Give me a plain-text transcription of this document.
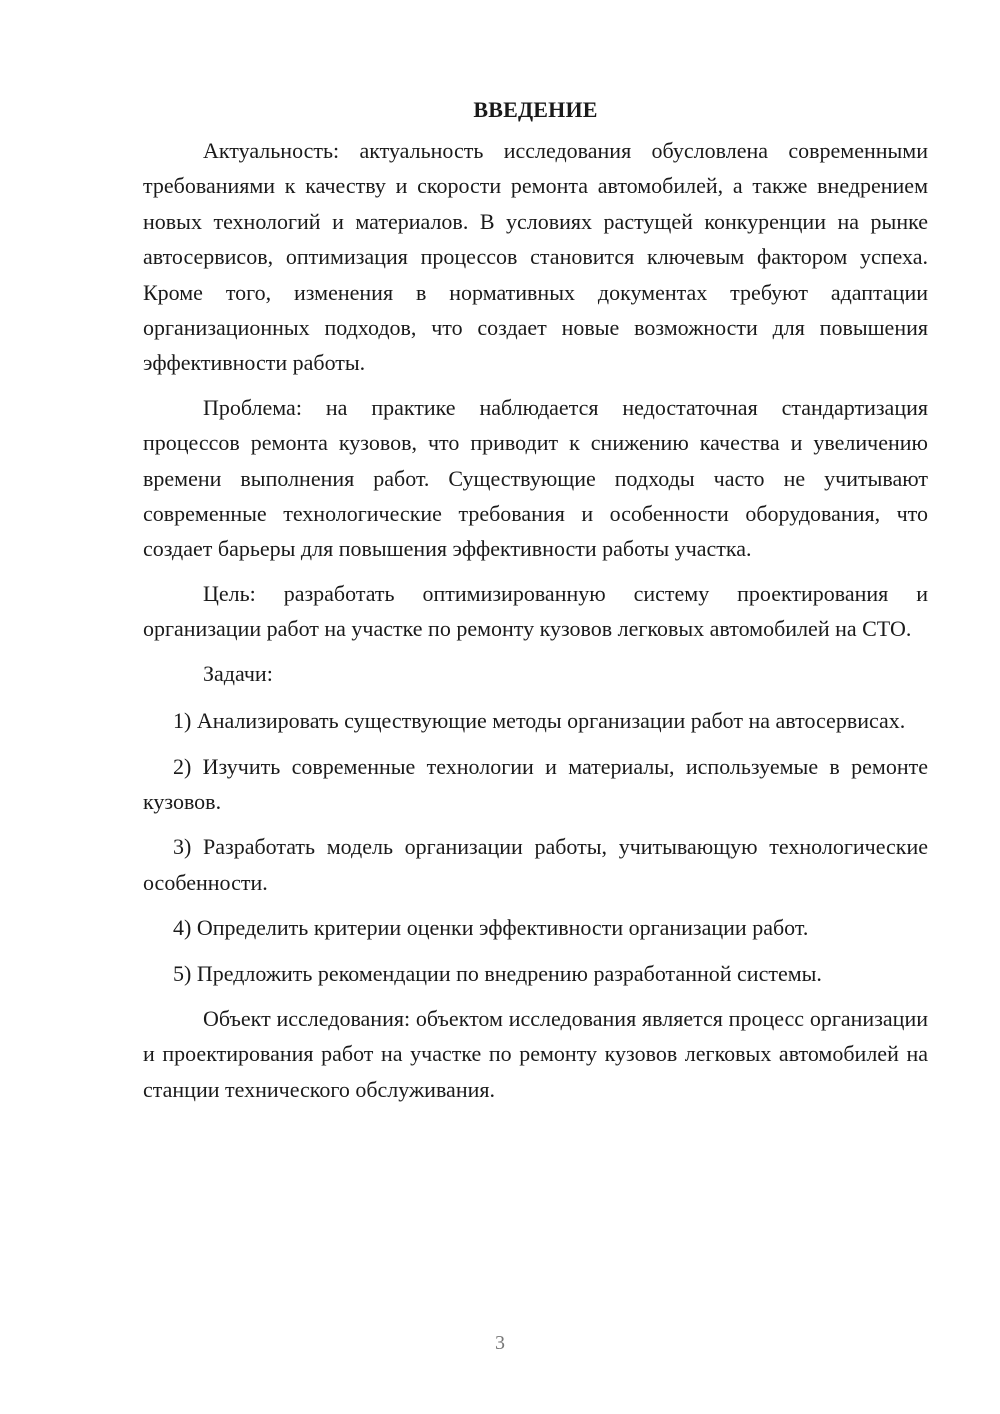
ВВЕДЕНИЕ

Актуальность: актуальность исследования обусловлена современными требованиями к качеству и скорости ремонта автомобилей, а также внедрением новых технологий и материалов. В условиях растущей конкуренции на рынке автосервисов, оптимизация процессов становится ключевым фактором успеха. Кроме того, изменения в нормативных документах требуют адаптации организационных подходов, что создает новые возможности для повышения эффективности работы.

Проблема: на практике наблюдается недостаточная стандартизация процессов ремонта кузовов, что приводит к снижению качества и увеличению времени выполнения работ. Существующие подходы часто не учитывают современные технологические требования и особенности оборудования, что создает барьеры для повышения эффективности работы участка.

Цель: разработать оптимизированную систему проектирования и организации работ на участке по ремонту кузовов легковых автомобилей на СТО.

Задачи:

1) Анализировать существующие методы организации работ на автосервисах.

2) Изучить современные технологии и материалы, используемые в ремонте кузовов.

3) Разработать модель организации работы, учитывающую технологические особенности.

4) Определить критерии оценки эффективности организации работ.

5) Предложить рекомендации по внедрению разработанной системы.

Объект исследования: объектом исследования является процесс организации и проектирования работ на участке по ремонту кузовов легковых автомобилей на станции технического обслуживания.

3
